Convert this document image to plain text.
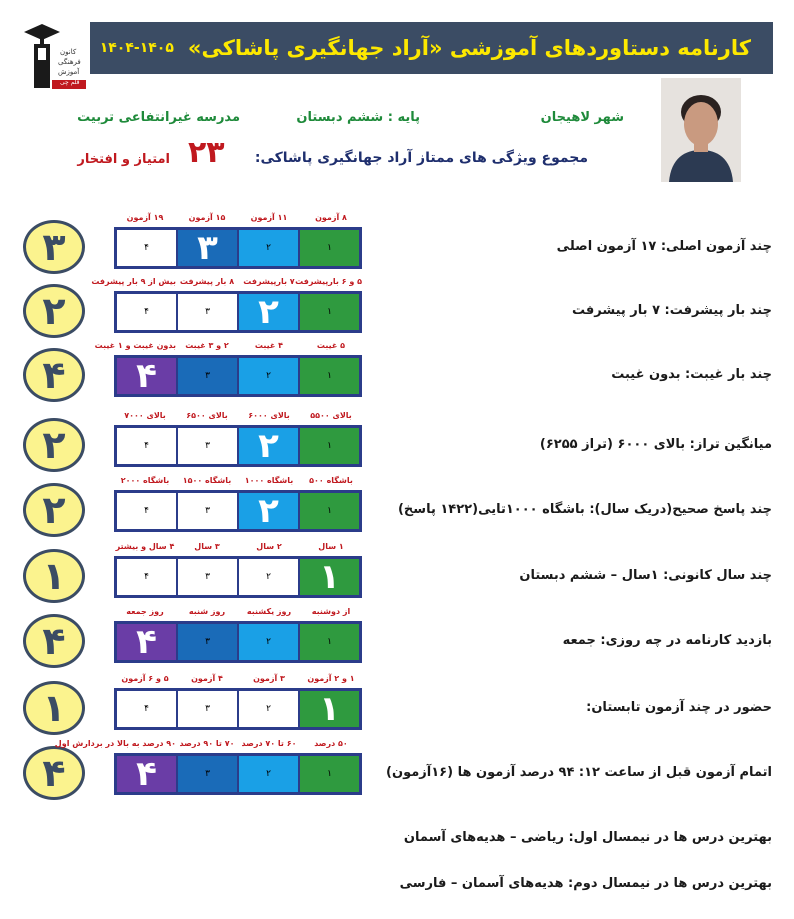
کانون
فرهنگی
آموزش
قلم چی
کارنامه دستاوردهای آموزشی «آراد جهانگیری پاشاکی»
۱۴۰۴-۱۴۰۵
شهر لاهیجان
پایه : ششم دبستان
مدرسه غیرانتفاعی تربیت
مجموع ویژگی های ممتاز آراد جهانگیری پاشاکی:
۲۳
امتیاز و افتخار
چند آزمون اصلی: ۱۷ آزمون اصلی
۳
۸ آزمون
۱۱ آزمون
۱۵ آزمون
۱۹ آزمون
۱
۲
۳
۴
چند بار پیشرفت: ۷ بار پیشرفت
۲
۵ و ۶ بارپیشرفت
۷ بارپیشرفت
۸ بار پیشرفت
بیش از ۹ بار پیشرفت
۱
۲
۳
۴
چند بار غیبت: بدون غیبت
۴
۵ غیبت
۴ غیبت
۲ و ۳ غیبت
بدون غیبت و ۱ غیبت
۱
۲
۳
۴
میانگین تراز: بالای ۶۰۰۰ (تراز ۶۲۵۵)
۲
بالای ۵۵۰۰
بالای ۶۰۰۰
بالای ۶۵۰۰
بالای ۷۰۰۰
۱
۲
۳
۴
چند پاسخ صحیح(دریک سال): باشگاه ۱۰۰۰تایی(۱۴۲۲ پاسخ)
۲
باشگاه ۵۰۰
باشگاه ۱۰۰۰
باشگاه ۱۵۰۰
باشگاه ۲۰۰۰
۱
۲
۳
۴
چند سال کانونی: ۱سال – ششم دبستان
۱
۱ سال
۲ سال
۳ سال
۴ سال و بیشتر
۱
۲
۳
۴
بازدید کارنامه در چه روزی: جمعه
۴
از دوشنبه
روز یکشنبه
روز شنبه
روز جمعه
۱
۲
۳
۴
حضور در چند آزمون تابستان:
۱
۱ و ۲ آزمون
۳ آزمون
۴ آزمون
۵ و ۶ آزمون
۱
۲
۳
۴
اتمام آزمون قبل از ساعت ۱۲: ۹۴ درصد آزمون ها (۱۶آزمون)
۴
۵۰ درصد
۶۰ تا ۷۰ درصد
۷۰ تا ۹۰ درصد
۹۰ درصد به بالا در بردارش اول
۱
۲
۳
۴
بهترین درس ها در نیمسال اول: ریاضی – هدیه‌های آسمان
بهترین درس ها در نیمسال دوم: هدیه‌های آسمان – فارسی
